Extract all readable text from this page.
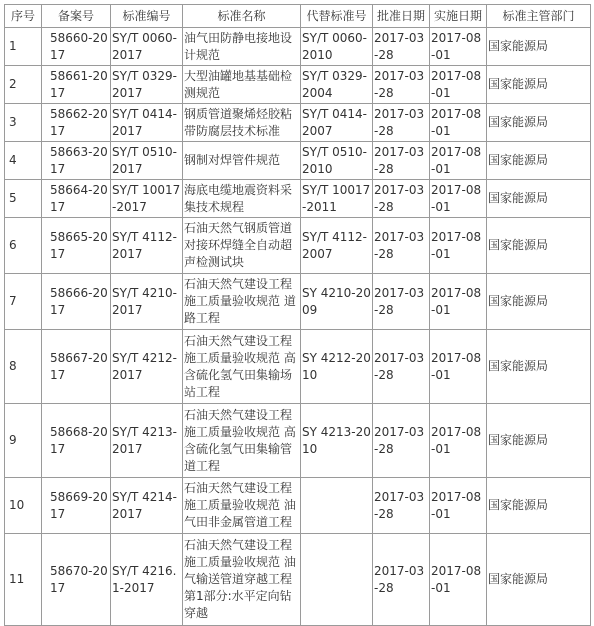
序号	备案号	标准编号	标准名称	代替标准号	批准日期	实施日期	标准主管部门
1	58660-2017	SY/T 0060-2017	油气田防静电接地设计规范	SY/T 0060-2010	2017-03-28	2017-08-01	国家能源局
2	58661-2017	SY/T 0329-2017	大型油罐地基基础检测规范	SY/T 0329-2004	2017-03-28	2017-08-01	国家能源局
3	58662-2017	SY/T 0414-2017	钢质管道聚烯烃胶粘带防腐层技术标准	SY/T 0414-2007	2017-03-28	2017-08-01	国家能源局
4	58663-2017	SY/T 0510-2017	钢制对焊管件规范	SY/T 0510-2010	2017-03-28	2017-08-01	国家能源局
5	58664-2017	SY/T 10017-2017	海底电缆地震资料采集技术规程	SY/T 10017-2011	2017-03-28	2017-08-01	国家能源局
6	58665-2017	SY/T 4112-2017	石油天然气钢质管道对接环焊缝全自动超声检测试块	SY/T 4112-2007	2017-03-28	2017-08-01	国家能源局
7	58666-2017	SY/T 4210-2017	石油天然气建设工程施工质量验收规范 道路工程	SY 4210-2009	2017-03-28	2017-08-01	国家能源局
8	58667-2017	SY/T 4212-2017	石油天然气建设工程施工质量验收规范 高含硫化氢气田集输场站工程	SY 4212-2010	2017-03-28	2017-08-01	国家能源局
9	58668-2017	SY/T 4213-2017	石油天然气建设工程施工质量验收规范 高含硫化氢气田集输管道工程	SY 4213-2010	2017-03-28	2017-08-01	国家能源局
10	58669-2017	SY/T 4214-2017	石油天然气建设工程施工质量验收规范 油气田非金属管道工程		2017-03-28	2017-08-01	国家能源局
11	58670-2017	SY/T 4216.1-2017	石油天然气建设工程施工质量验收规范 油气输送管道穿越工程 第1部分:水平定向钻穿越		2017-03-28	2017-08-01	国家能源局
